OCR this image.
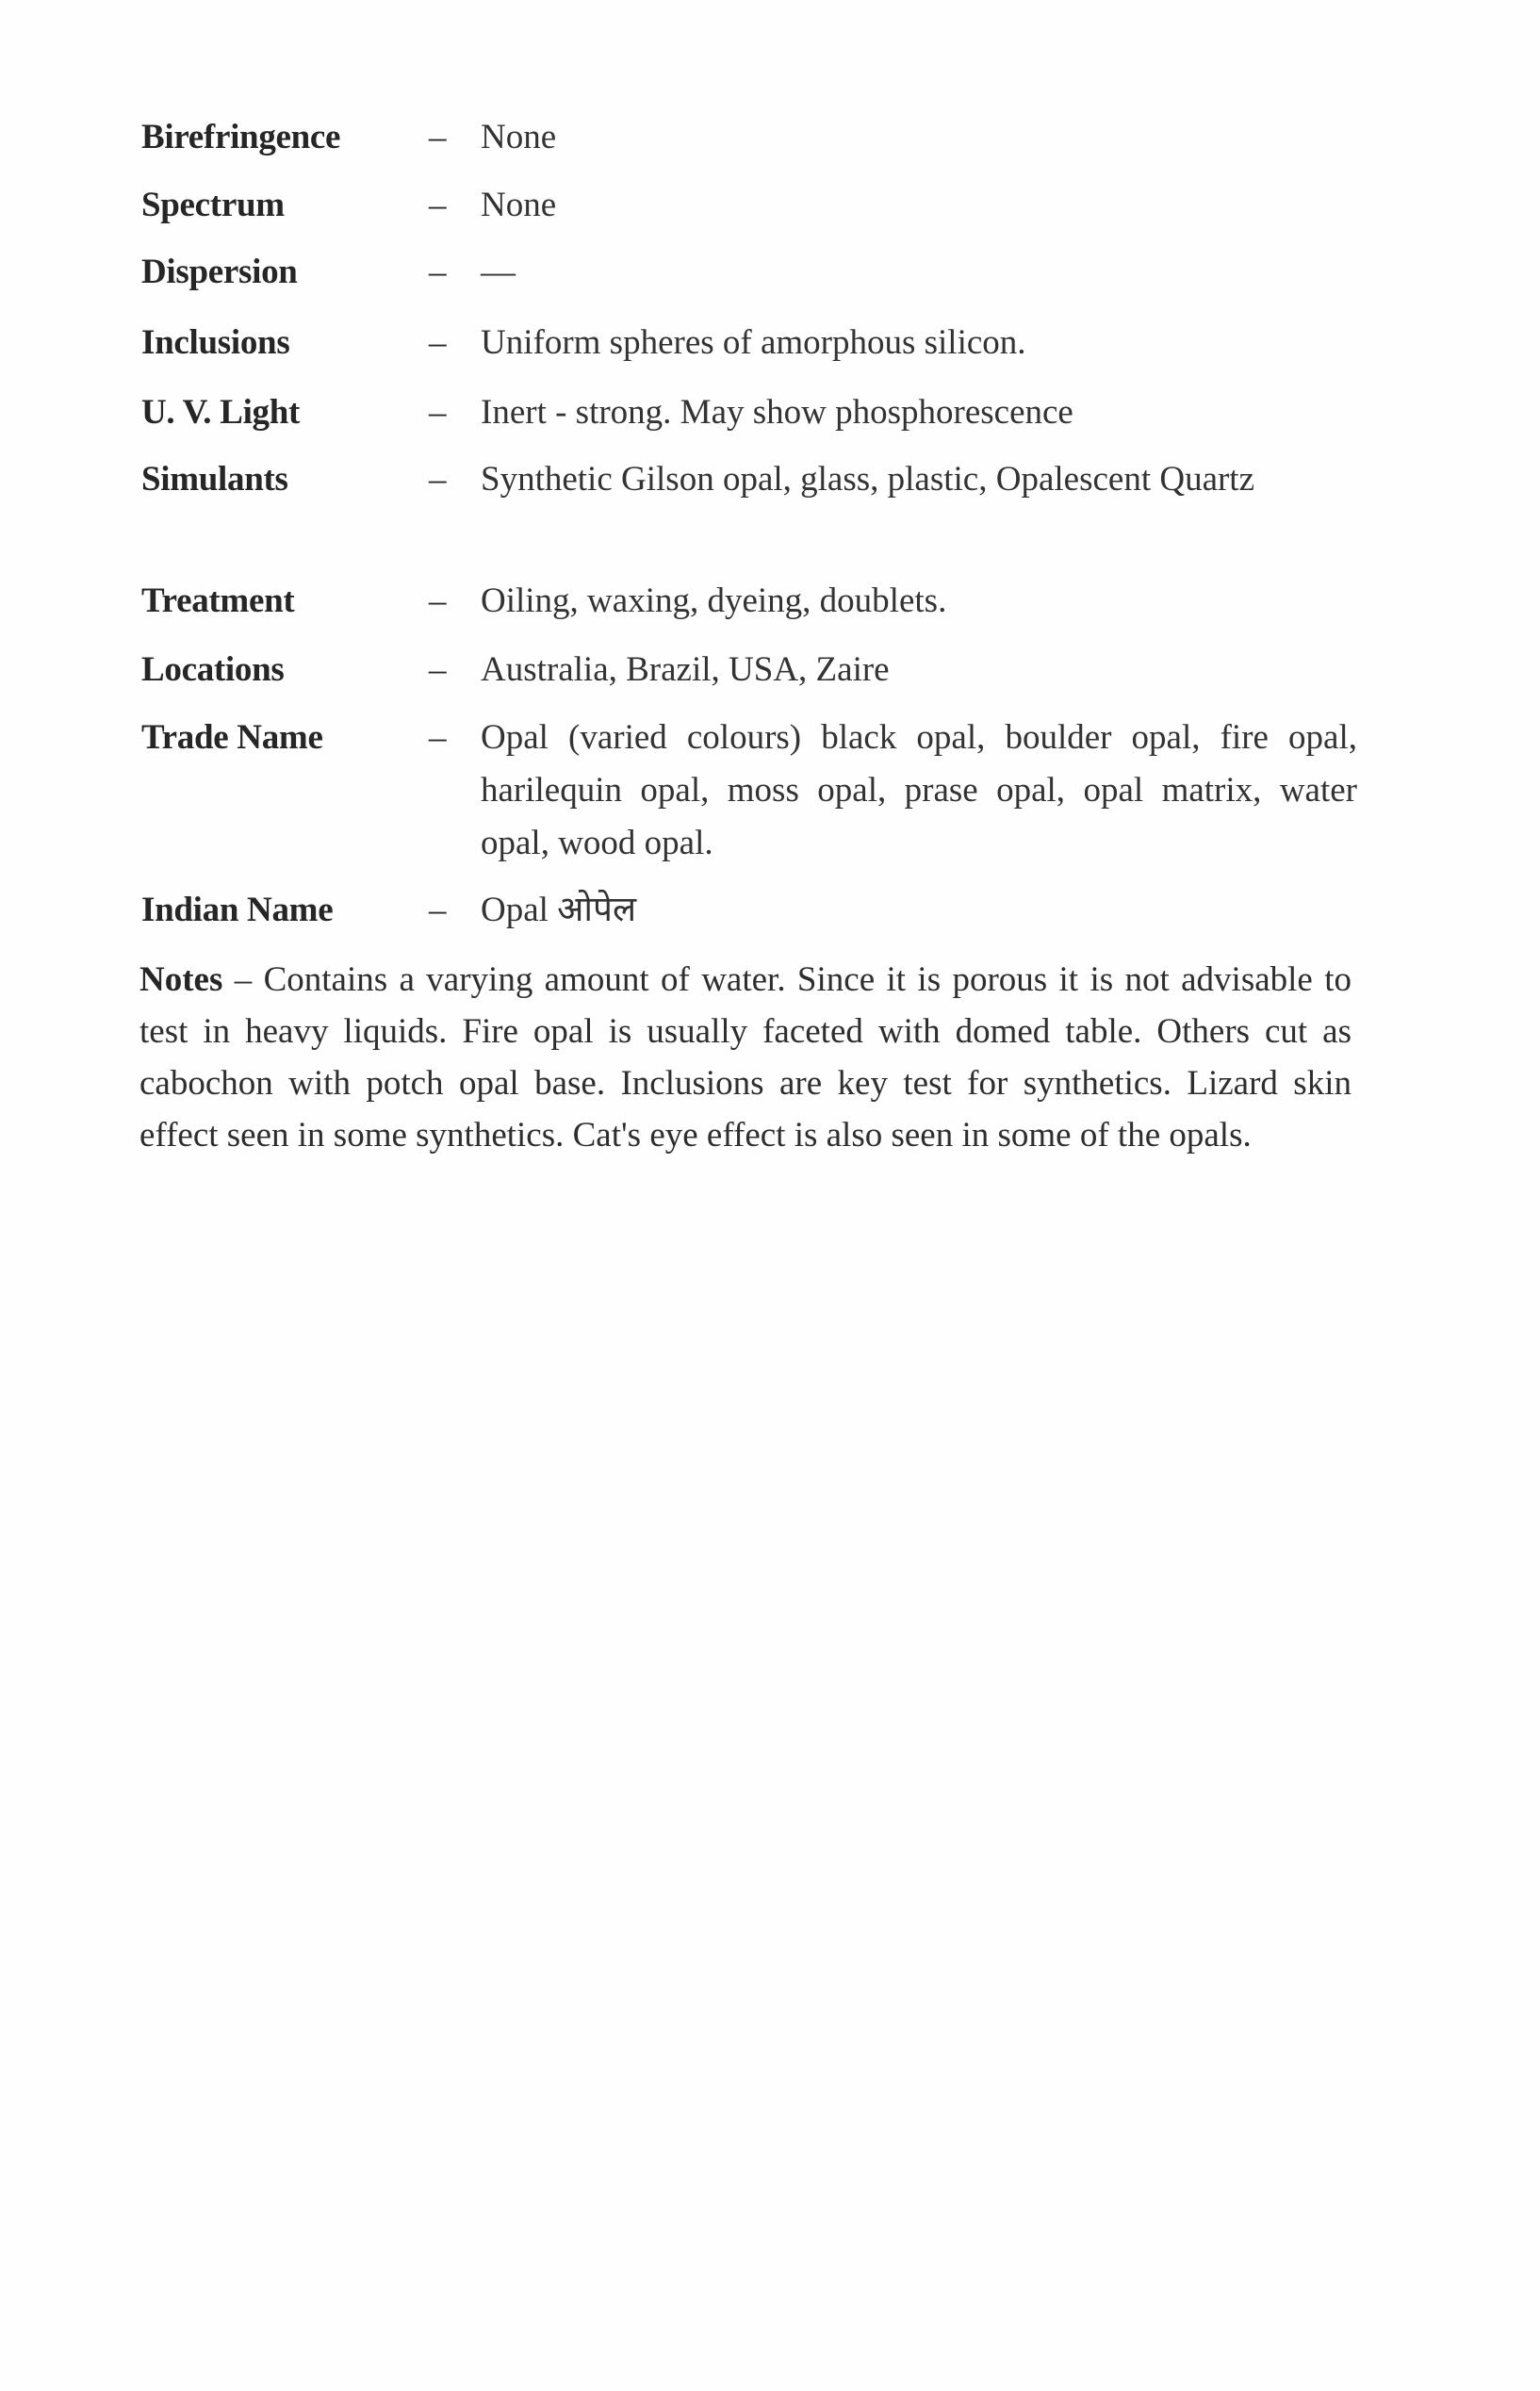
Birefringence	– None
Spectrum	– None
Dispersion	– —
Inclusions	– Uniform spheres of amorphous silicon.
U. V. Light	– Inert - strong. May show phosphorescence
Simulants	– Synthetic Gilson opal, glass, plastic, Opalescent Quartz
Treatment	– Oiling, waxing, dyeing, doublets.
Locations	– Australia, Brazil, USA, Zaire
Trade Name	– Opal (varied colours) black opal, boulder opal, fire opal, harilequin opal, moss opal, prase opal, opal matrix, water opal, wood opal.
Indian Name	– Opal ओपेल
Notes – Contains a varying amount of water. Since it is porous it is not advisable to test in heavy liquids. Fire opal is usually faceted with domed table. Others cut as cabochon with potch opal base. Inclusions are key test for synthetics. Lizard skin effect seen in some synthetics. Cat's eye effect is also seen in some of the opals.
